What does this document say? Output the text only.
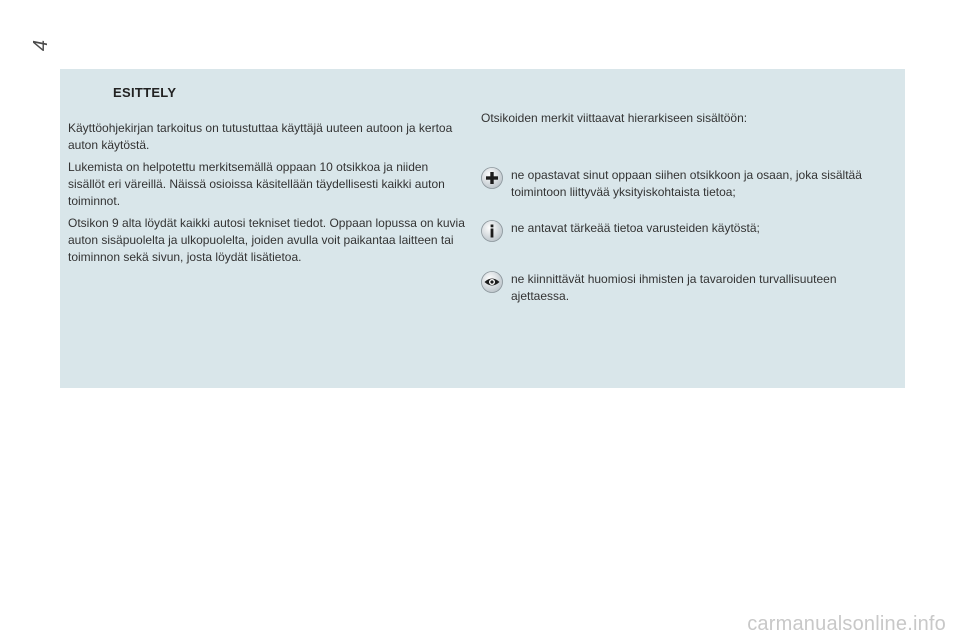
4
ESITTELY

Käyttöohjekirjan tarkoitus on tutustuttaa käyttäjä uuteen autoon ja kertoa auton käytöstä.

Lukemista on helpotettu merkitsemällä oppaan 10 otsikkoa ja niiden sisällöt eri väreillä. Näissä osioissa käsitellään täydellisesti kaikki auton toiminnot.

Otsikon 9 alta löydät kaikki autosi tekniset tiedot. Oppaan lopussa on kuvia auton sisäpuolelta ja ulkopuolelta, joiden avulla voit paikantaa laitteen tai toiminnon sekä sivun, josta löydät lisätietoa.

Otsikoiden merkit viittaavat hierarkiseen sisältöön:
ne opastavat sinut oppaan siihen otsikkoon ja osaan, joka sisältää toimintoon liittyvää yksityiskohtaista tietoa;
ne antavat tärkeää tietoa varusteiden käytöstä;
ne kiinnittävät huomiosi ihmisten ja tavaroiden turvallisuuteen ajettaessa.
carmanualsonline.info
